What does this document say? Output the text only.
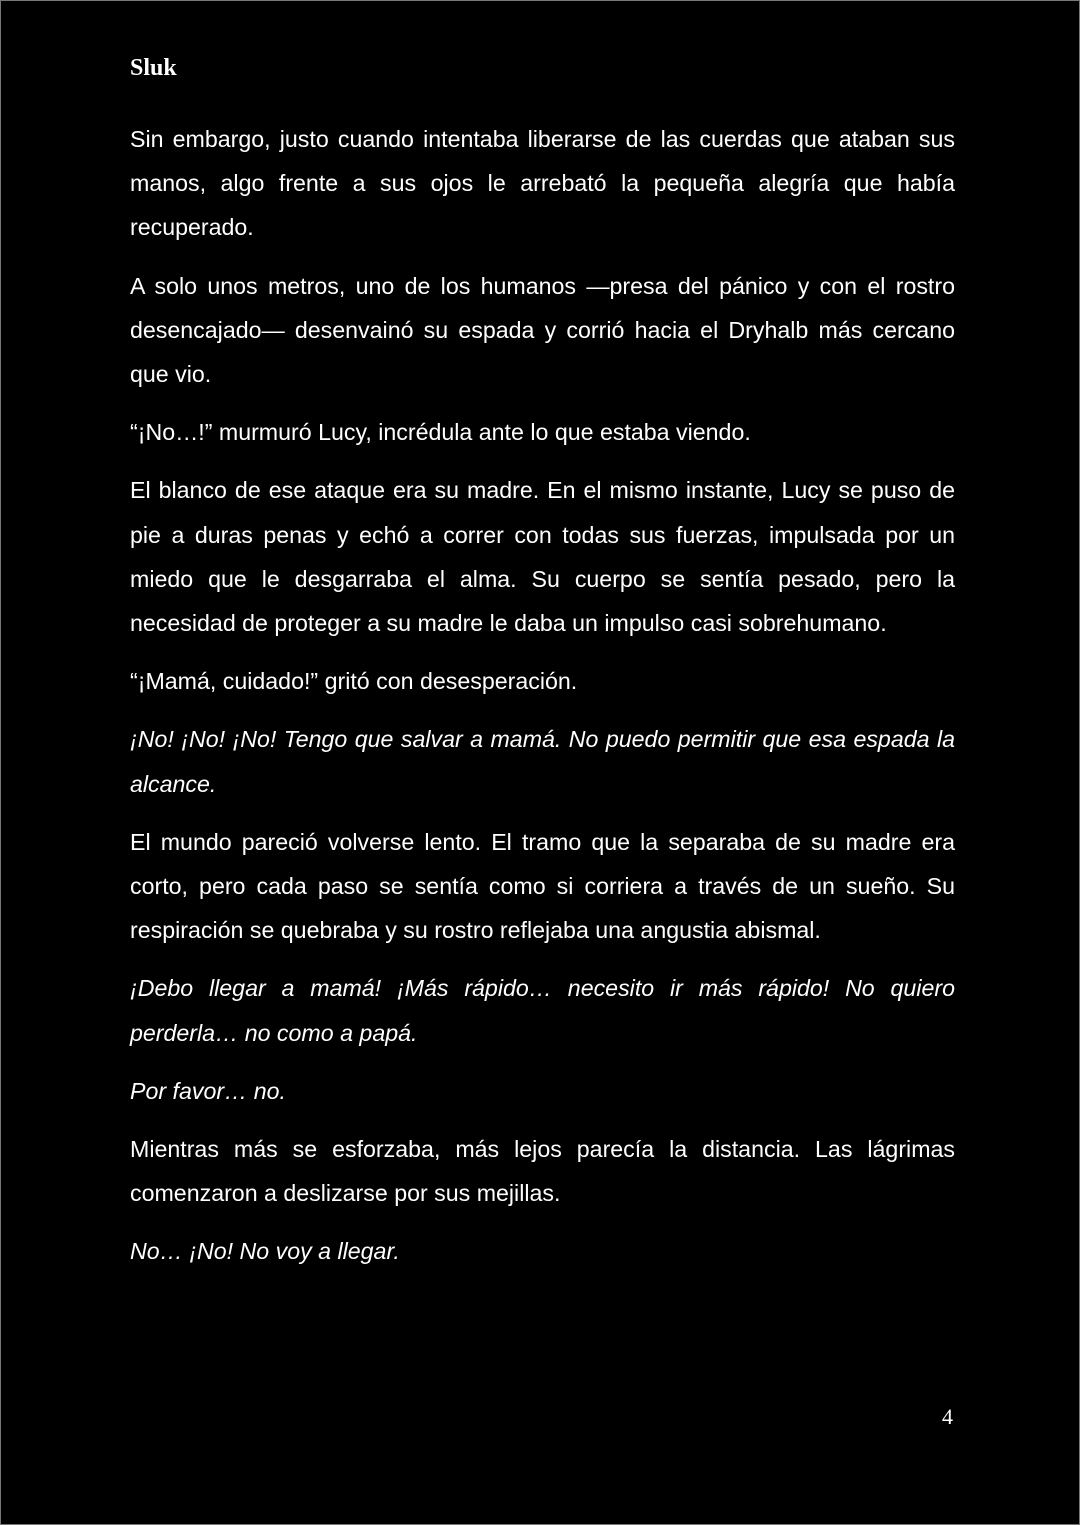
Sluk

Sin embargo, justo cuando intentaba liberarse de las cuerdas que ataban sus manos, algo frente a sus ojos le arrebató la pequeña alegría que había recuperado.

A solo unos metros, uno de los humanos —presa del pánico y con el rostro desencajado— desenvainó su espada y corrió hacia el Dryhalb más cercano que vio.

“¡No…!” murmuró Lucy, incrédula ante lo que estaba viendo.

El blanco de ese ataque era su madre. En el mismo instante, Lucy se puso de pie a duras penas y echó a correr con todas sus fuerzas, impulsada por un miedo que le desgarraba el alma. Su cuerpo se sentía pesado, pero la necesidad de proteger a su madre le daba un impulso casi sobrehumano.

“¡Mamá, cuidado!” gritó con desesperación.

¡No! ¡No! ¡No! Tengo que salvar a mamá. No puedo permitir que esa espada la alcance.

El mundo pareció volverse lento. El tramo que la separaba de su madre era corto, pero cada paso se sentía como si corriera a través de un sueño. Su respiración se quebraba y su rostro reflejaba una angustia abismal.

¡Debo llegar a mamá! ¡Más rápido… necesito ir más rápido! No quiero perderla… no como a papá.

Por favor… no.

Mientras más se esforzaba, más lejos parecía la distancia. Las lágrimas comenzaron a deslizarse por sus mejillas.

No… ¡No! No voy a llegar.

4
